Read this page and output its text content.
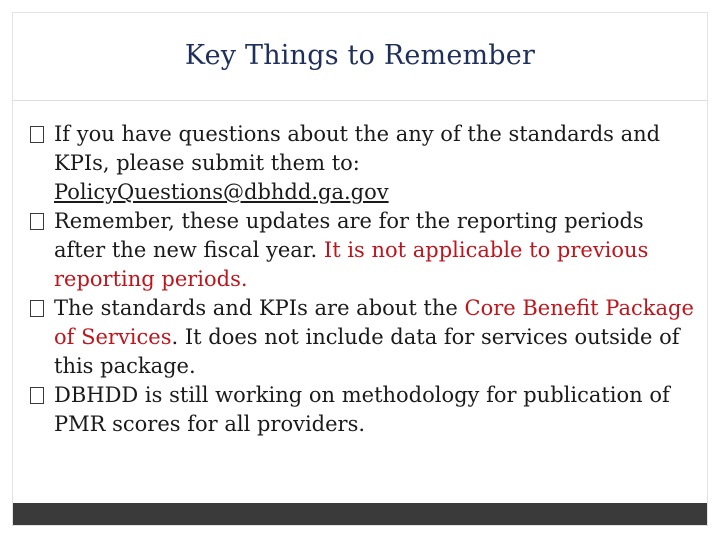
Key Things to Remember

If you have questions about the any of the standards and KPIs, please submit them to: PolicyQuestions@dbhdd.ga.gov

Remember, these updates are for the reporting periods after the new fiscal year. It is not applicable to previous reporting periods.

The standards and KPIs are about the Core Benefit Package of Services. It does not include data for services outside of this package.

DBHDD is still working on methodology for publication of PMR scores for all providers.
